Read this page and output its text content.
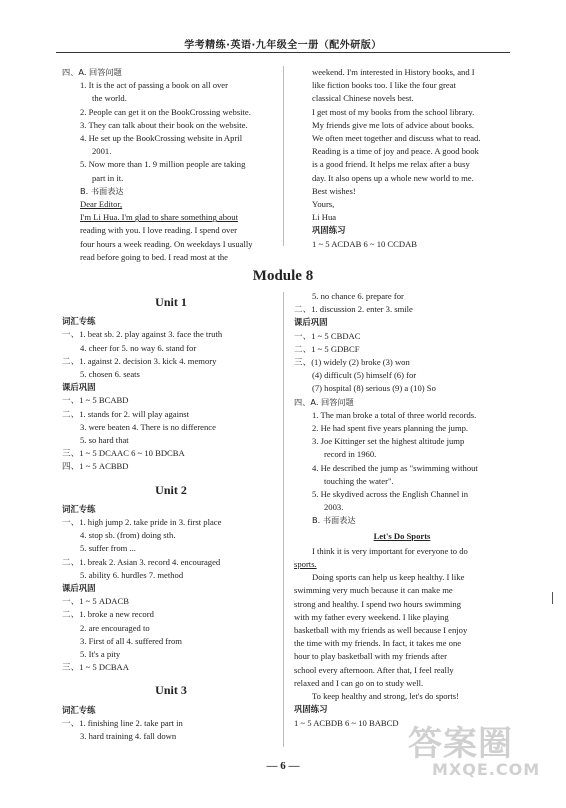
学考精练·英语·九年级全一册（配外研版）
四、A. 回答问题
1. It is the act of passing a book on all over
the world.
2. People can get it on the BookCrossing website.
3. They can talk about their book on the website.
4. He set up the BookCrossing website in April
2001.
5. Now more than 1. 9 million people are taking
part in it.
B. 书面表达
Dear Editor,
I'm Li Hua. I'm glad to share something about
reading with you. I love reading. I spend over
four hours a week reading. On weekdays I usually
read before going to bed. I read most at the
weekend. I'm interested in History books, and I
like fiction books too. I like the four great
classical Chinese novels best.
I get most of my books from the school library.
My friends give me lots of advice about books.
We often meet together and discuss what to read.
Reading is a time of joy and peace. A good book
is a good friend. It helps me relax after a busy
day. It also opens up a whole new world to me.
Best wishes!
Yours,
Li Hua
巩固练习
1 ~ 5 ACDAB 6 ~ 10 CCDAB
Module 8
Unit 1
词汇专练
一、1. beat sb. 2. play against 3. face the truth
4. cheer for 5. no way 6. stand for
二、1. against 2. decision 3. kick 4. memory
5. chosen 6. seats
课后巩固
一、1 ~ 5 BCABD
二、1. stands for 2. will play against
3. were beaten 4. There is no difference
5. so hard that
三、1 ~ 5 DCAAC 6 ~ 10 BDCBA
四、1 ~ 5 ACBBD
Unit 2
词汇专练
一、1. high jump 2. take pride in 3. first place
4. stop sb. (from) doing sth.
5. suffer from ...
二、1. break 2. Asian 3. record 4. encouraged
5. ability 6. hurdles 7. method
课后巩固
一、1 ~ 5 ADACB
二、1. broke a new record
2. are encouraged to
3. First of all 4. suffered from
5. It's a pity
三、1 ~ 5 DCBAA
Unit 3
词汇专练
一、1. finishing line 2. take part in
3. hard training 4. fall down
5. no chance 6. prepare for
二、1. discussion 2. enter 3. smile
课后巩固
一、1 ~ 5 CBDAC
二、1 ~ 5 GDBCF
三、(1) widely (2) broke (3) won
(4) difficult (5) himself (6) for
(7) hospital (8) serious (9) a (10) So
四、A. 回答问题
1. The man broke a total of three world records.
2. He had spent five years planning the jump.
3. Joe Kittinger set the highest altitude jump
record in 1960.
4. He described the jump as "swimming without
touching the water".
5. He skydived across the English Channel in
2003.
B. 书面表达
Let's Do Sports
I think it is very important for everyone to do
sports.
Doing sports can help us keep healthy. I like
swimming very much because it can make me
strong and healthy. I spend two hours swimming
with my father every weekend. I like playing
basketball with my friends as well because I enjoy
the time with my friends. In fact, it takes me one
hour to play basketball with my friends after
school every afternoon. After that, I feel really
relaxed and I can go on to study well.
To keep healthy and strong, let's do sports!
巩固练习
1 ~ 5 ACBDB 6 ~ 10 BABCD
— 6 —
答案圈
MXQE.COM
